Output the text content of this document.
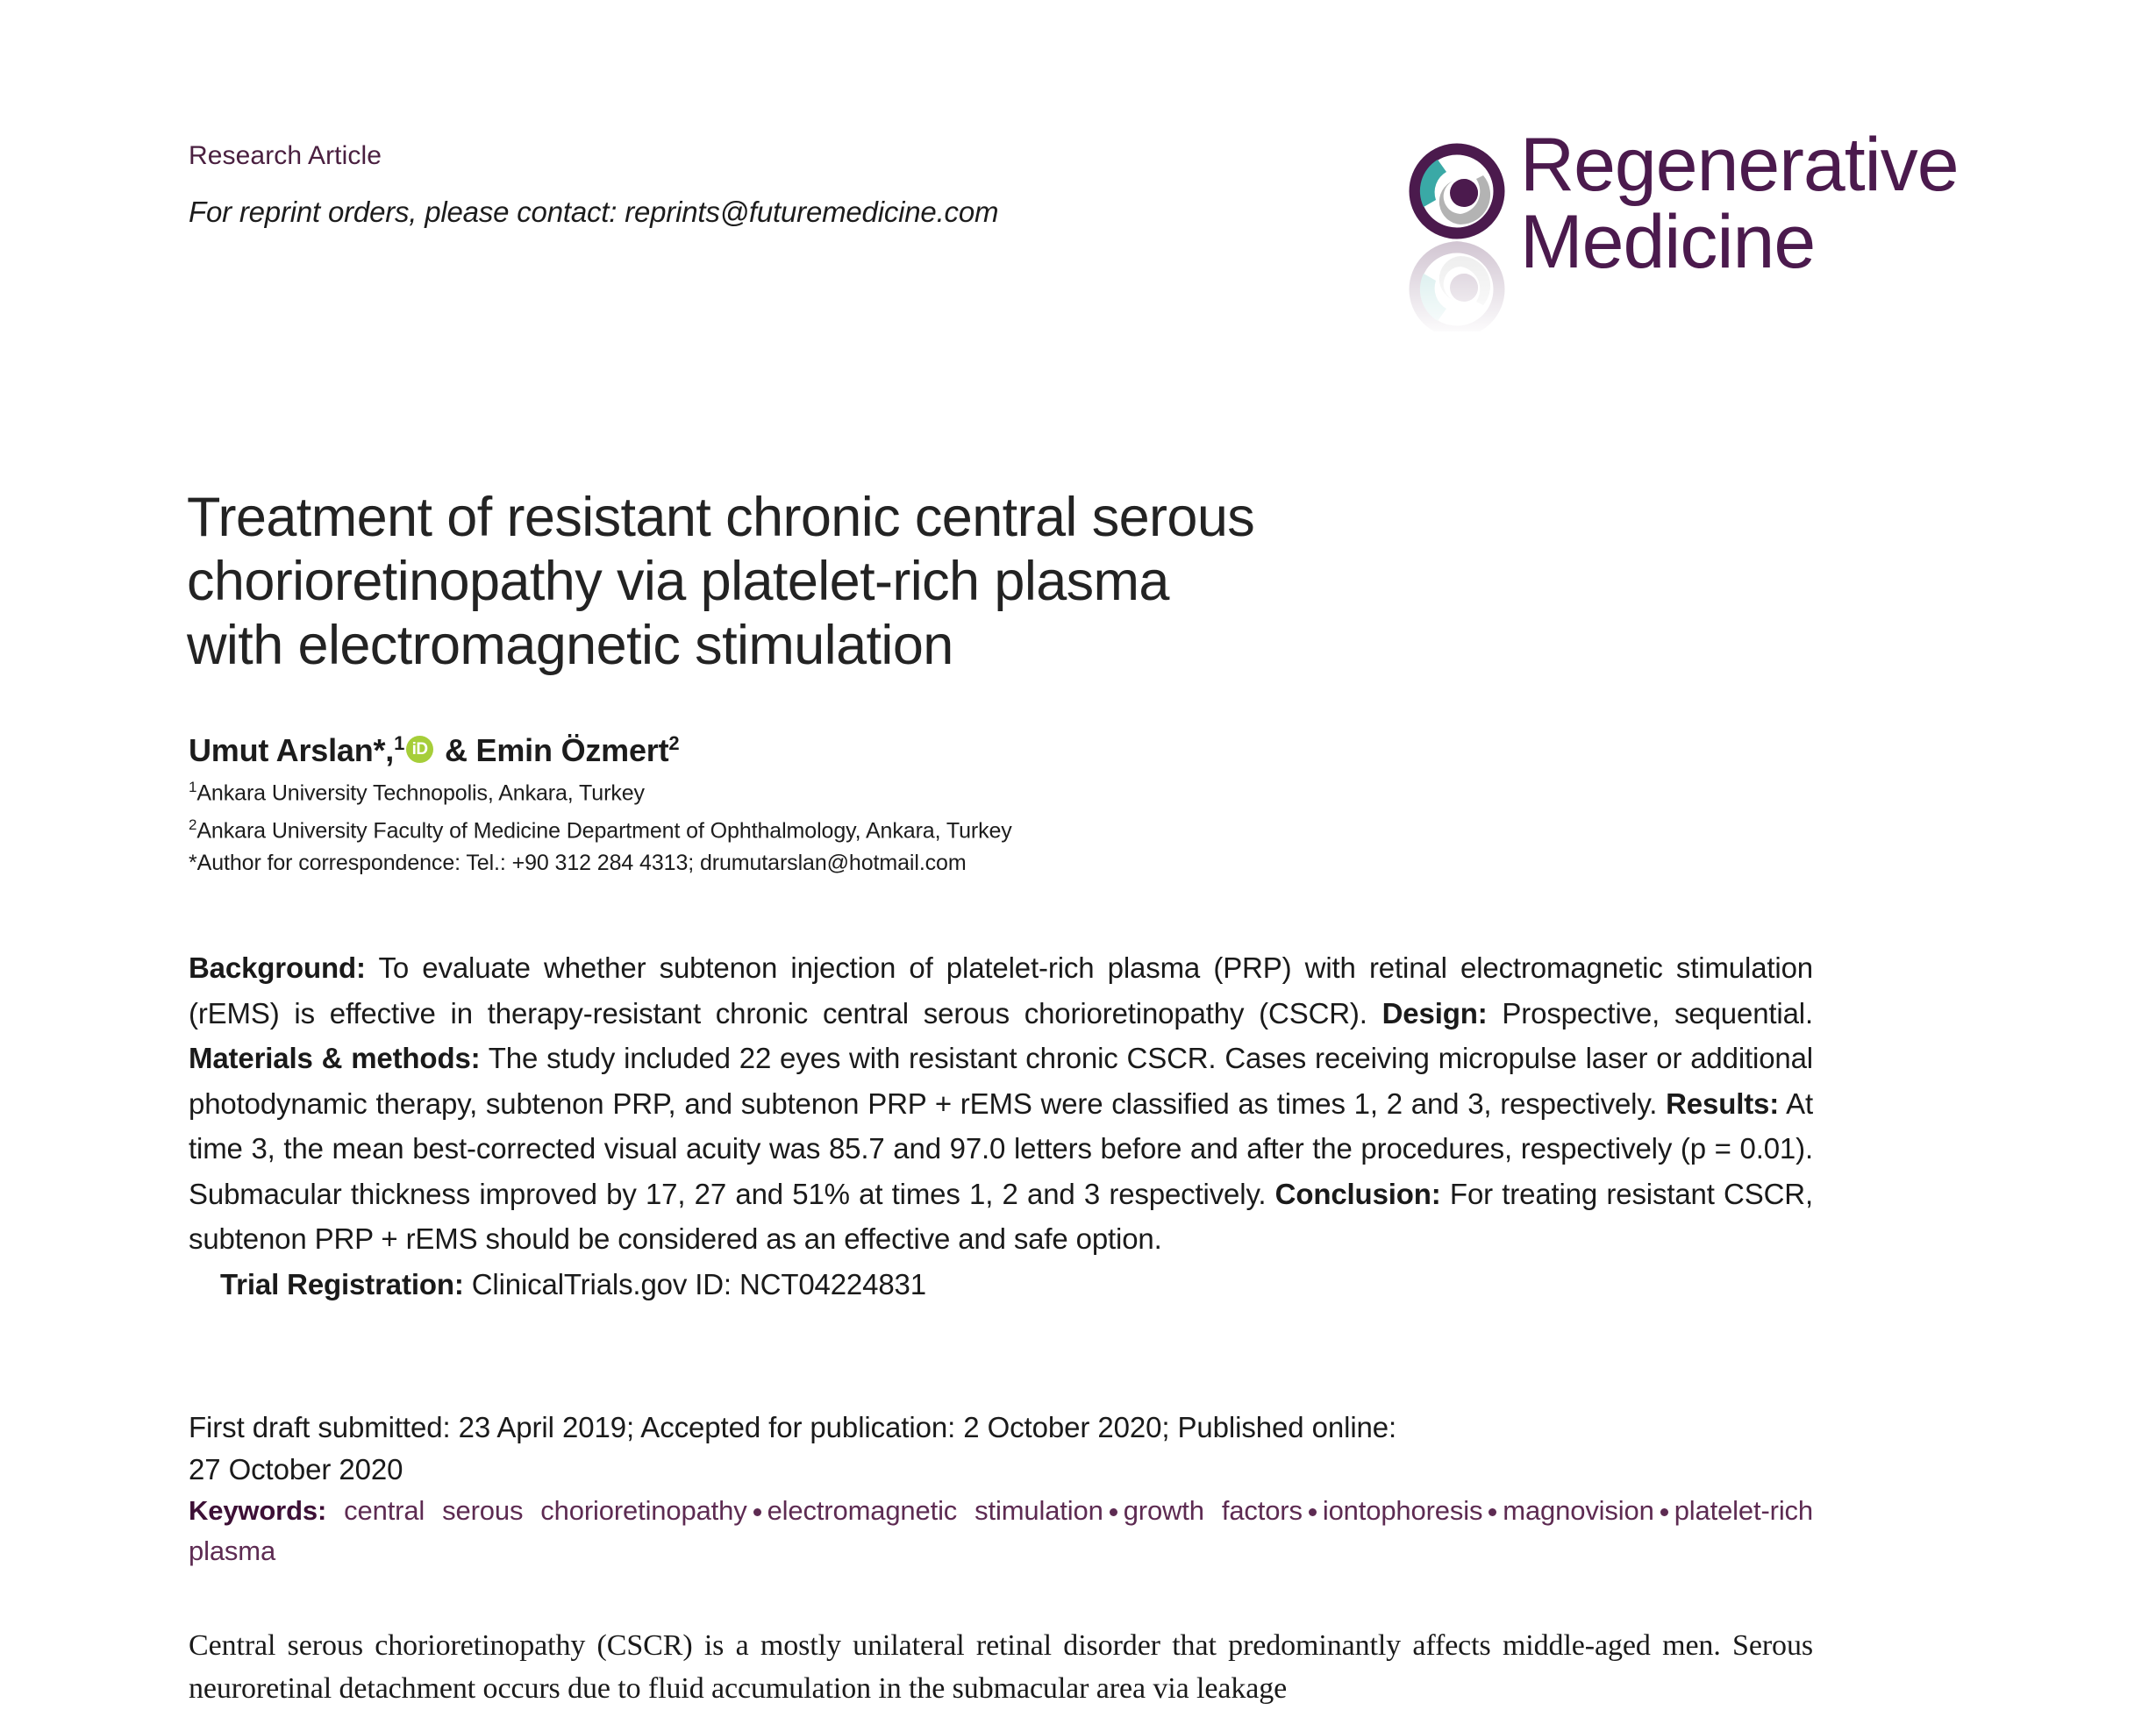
Research Article
For reprint orders, please contact: reprints@futuremedicine.com
Regenerative
Medicine
Treatment of resistant chronic central serous
chorioretinopathy via platelet-rich plasma
with electromagnetic stimulation
Umut Arslan*,$^1$ iD & Emin Özmert$^2$
$^1$Ankara University Technopolis, Ankara, Turkey
$^2$Ankara University Faculty of Medicine Department of Ophthalmology, Ankara, Turkey
*Author for correspondence: Tel.: +90 312 284 4313; drumutarslan@hotmail.com
Background: To evaluate whether subtenon injection of platelet-rich plasma (PRP) with retinal electromagnetic stimulation (rEMS) is effective in therapy-resistant chronic central serous chorioretinopathy (CSCR). Design: Prospective, sequential. Materials & methods: The study included 22 eyes with resistant chronic CSCR. Cases receiving micropulse laser or additional photodynamic therapy, subtenon PRP, and subtenon PRP + rEMS were classified as times 1, 2 and 3, respectively. Results: At time 3, the mean best-corrected visual acuity was 85.7 and 97.0 letters before and after the procedures, respectively (p = 0.01). Submacular thickness improved by 17, 27 and 51% at times 1, 2 and 3 respectively. Conclusion: For treating resistant CSCR, subtenon PRP + rEMS should be considered as an effective and safe option.
Trial Registration: ClinicalTrials.gov ID: NCT04224831
First draft submitted: 23 April 2019; Accepted for publication: 2 October 2020; Published online:
27 October 2020
Keywords: central serous chorioretinopathy electromagnetic stimulation growth factors iontophoresis magnovision platelet-rich plasma
Central serous chorioretinopathy (CSCR) is a mostly unilateral retinal disorder that predominantly affects middle-aged men. Serous neuroretinal detachment occurs due to fluid accumulation in the submacular area via leakage
